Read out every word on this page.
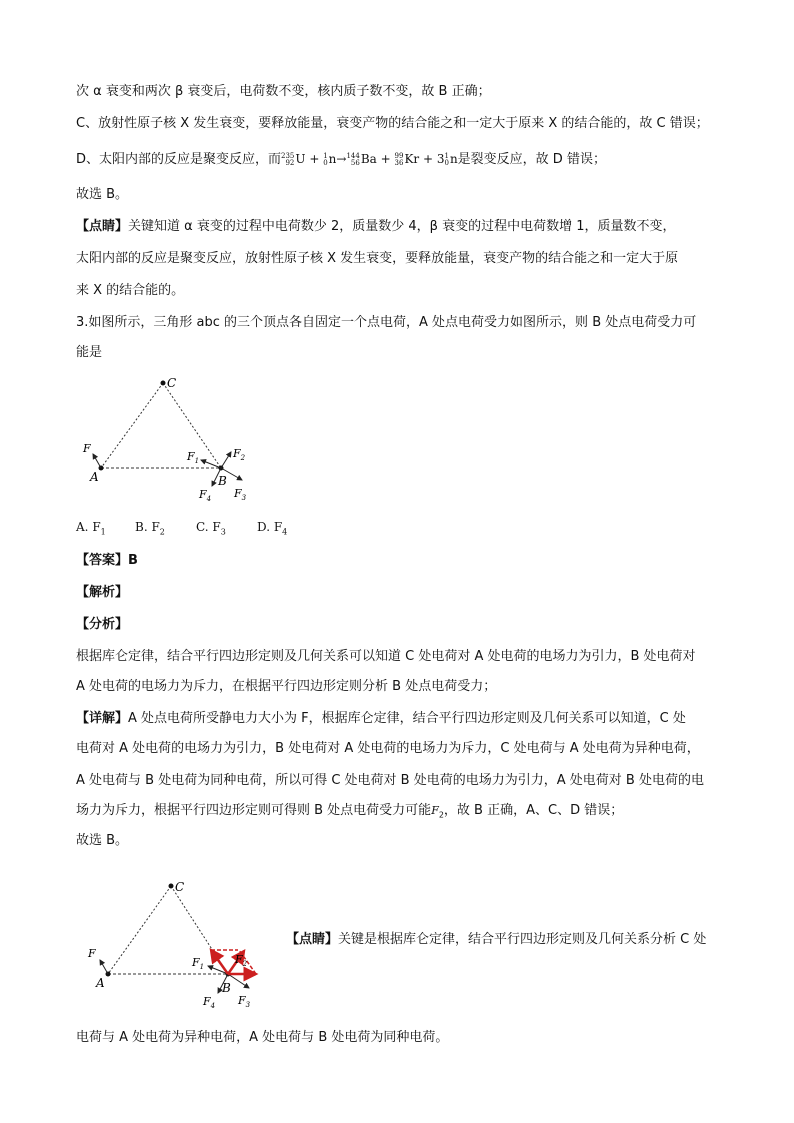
次 α 衰变和两次 β 衰变后，电荷数不变，核内质子数不变，故 B 正确；
C、放射性原子核 X 发生衰变，要释放能量，衰变产物的结合能之和一定大于原来 X 的结合能的，故 C 错误；
D、太阳内部的反应是聚变反应，而 235
92 U + 1
0 n→ 144
56 Ba + 99
36 Kr + 3 1
0 n是裂变反应，故 D 错误；
故选 B。
【点睛】关键知道 α 衰变的过程中电荷数少 2，质量数少 4，β 衰变的过程中电荷数增 1，质量数不变，
太阳内部的反应是聚变反应，放射性原子核 X 发生衰变，要释放能量，衰变产物的结合能之和一定大于原
来 X 的结合能的。
3.如图所示，三角形 abc 的三个顶点各自固定一个点电荷，A 处点电荷受力如图所示，则 B 处点电荷受力可
能是
C
A	B
F
$F_1$
$F_2$
$F_3$
$F_4$
A. $F_1$ B. $F_2$	C. $F_3$	D. $F_4$
【答案】B
【解析】
【分析】
根据库仑定律，结合平行四边形定则及几何关系可以知道 C 处电荷对 A 处电荷的电场力为引力，B 处电荷对
A 处电荷的电场力为斥力，在根据平行四边形定则分析 B 处点电荷受力；
【详解】A 处点电荷所受静电力大小为 F，根据库仑定律，结合平行四边形定则及几何关系可以知道，C 处
电荷对 A 处电荷的电场力为引力，B 处电荷对 A 处电荷的电场力为斥力，C 处电荷与 A 处电荷为异种电荷，
A 处电荷与 B 处电荷为同种电荷，所以可得 C 处电荷对 B 处电荷的电场力为引力，A 处电荷对 B 处电荷的电
场力为斥力，根据平行四边形定则可得则 B 处点电荷受力可能$F_2$，故 B 正确，A、C、D 错误；
故选 B。
C
A	B
F
$F_1$
$F_2$
$F_3$
$F_4$
【点睛】关键是根据库仑定律，结合平行四边形定则及几何关系分析 C 处
电荷与 A 处电荷为异种电荷，A 处电荷与 B 处电荷为同种电荷。
